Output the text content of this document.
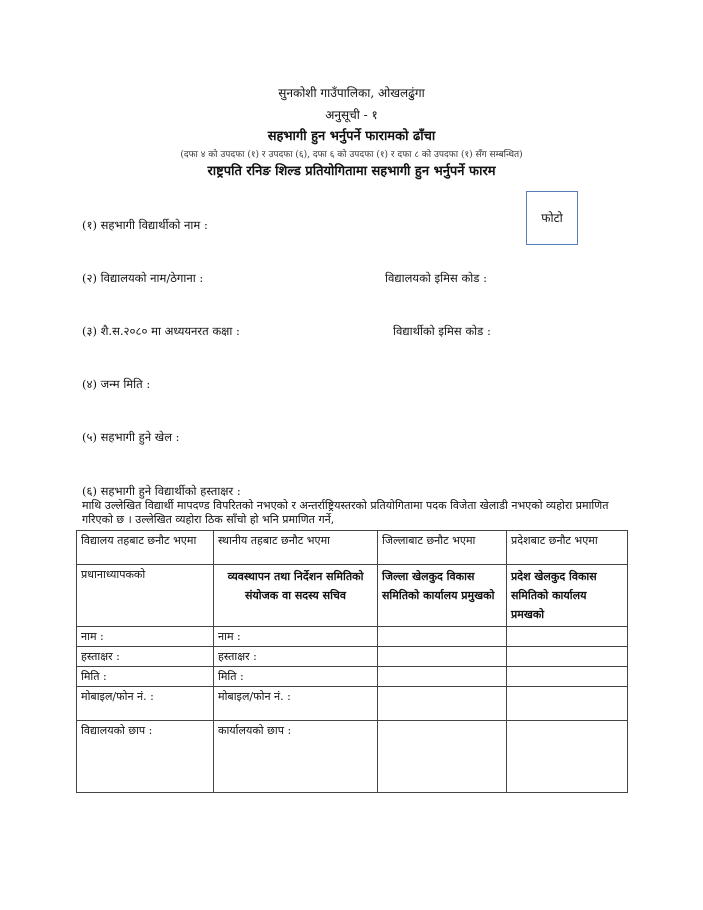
सुनकोशी गाउँपालिका, ओखलढुंगा
अनुसूची - १
सहभागी हुन भर्नुपर्ने फारामको ढाँचा
(दफा ४ को उपदफा (१) र उपदफा (६), दफा ६ को उपदफा (१) र दफा ८ को उपदफा (१) सँग सम्बन्धित)
राष्ट्रपति रनिङ शिल्ड प्रतियोगितामा सहभागी हुन भर्नुपर्ने फारम
फोटो
(१) सहभागी विद्यार्थीको नाम :
(२) विद्यालयको नाम/ठेगाना :	विद्यालयको इमिस कोड :
(३) शै.स.२०८० मा अध्ययनरत कक्षा :	विद्यार्थीको इमिस कोड :
(४) जन्म मिति :
(५) सहभागी हुने खेल :
(६) सहभागी हुने विद्यार्थीको हस्ताक्षर :
माथि उल्लेखित विद्यार्थी मापदण्ड विपरितको नभएको र अन्तर्राष्ट्रियस्तरको प्रतियोगितामा पदक विजेता खेलाडी नभएको व्यहोरा प्रमाणित गरिएको छ । उल्लेखित व्यहोरा ठिक साँचो हो भनि प्रमाणित गर्ने,
विद्यालय तहबाट छनौट भएमा	स्थानीय तहबाट छनौट भएमा	जिल्लाबाट छनौट भएमा	प्रदेशबाट छनौट भएमा
प्रधानाध्यापकको	व्यवस्थापन तथा निर्देशन समितिको संयोजक वा सदस्य सचिव	जिल्ला खेलकुद विकास समितिको कार्यालय प्रमुखको	प्रदेश खेलकुद विकास समितिको कार्यालय प्रमखको
नाम :	नाम :		
हस्ताक्षर :	हस्ताक्षर :		
मिति :	मिति :		
मोबाइल/फोन नं. :	मोबाइल/फोन नं. :		
विद्यालयको छाप :	कार्यालयको छाप :		
